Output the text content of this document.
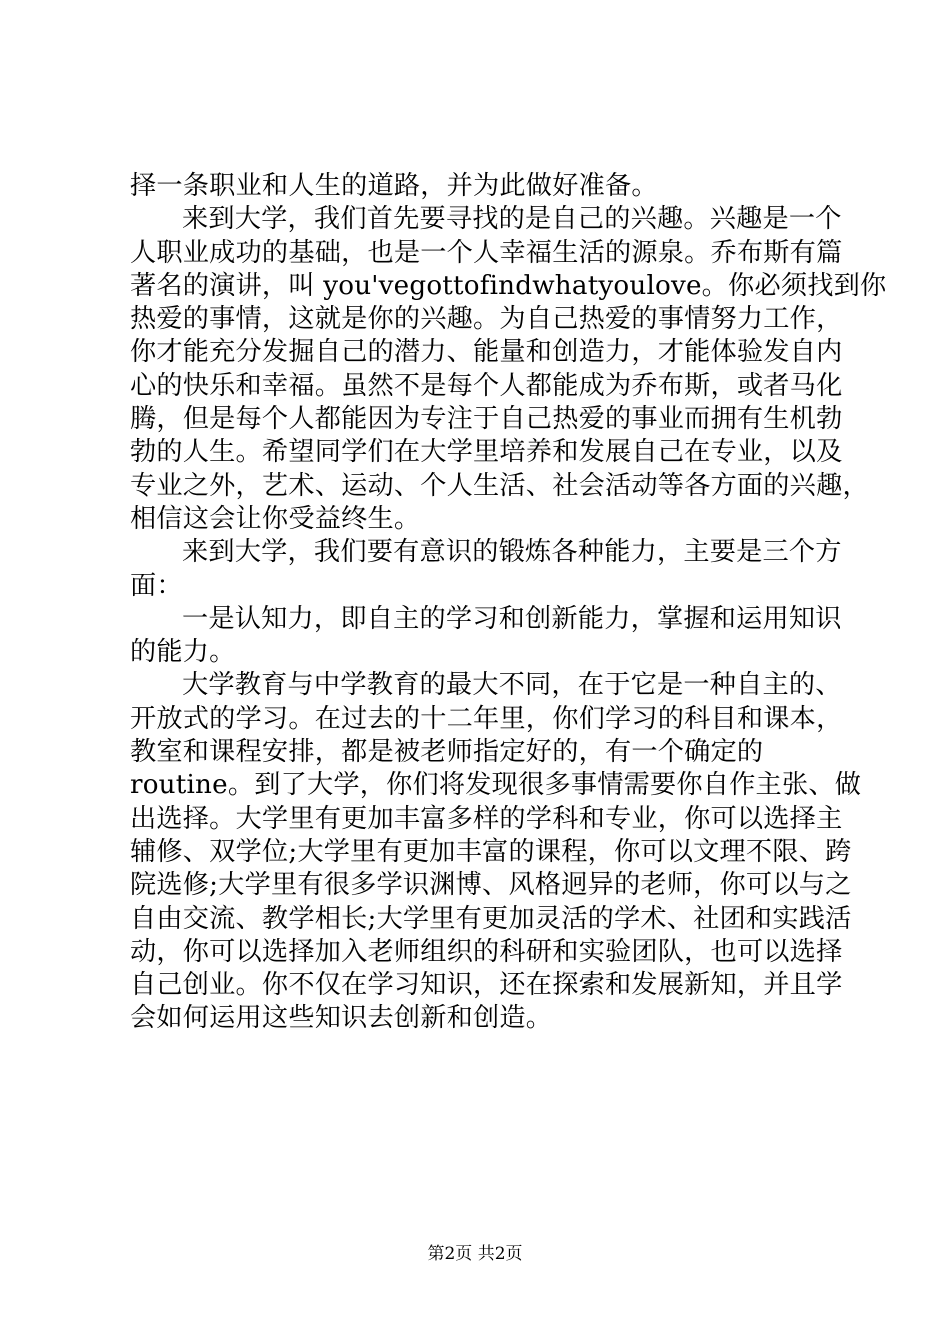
择一条职业和人生的道路，并为此做好准备。
来到大学，我们首先要寻找的是自己的兴趣。兴趣是一个
人职业成功的基础，也是一个人幸福生活的源泉。乔布斯有篇
著名的演讲，叫 you'vegottofindwhatyoulove。你必须找到你
热爱的事情，这就是你的兴趣。为自己热爱的事情努力工作，
你才能充分发掘自己的潜力、能量和创造力，才能体验发自内
心的快乐和幸福。虽然不是每个人都能成为乔布斯，或者马化
腾，但是每个人都能因为专注于自己热爱的事业而拥有生机勃
勃的人生。希望同学们在大学里培养和发展自己在专业，以及
专业之外，艺术、运动、个人生活、社会活动等各方面的兴趣，
相信这会让你受益终生。
来到大学，我们要有意识的锻炼各种能力，主要是三个方
面：
一是认知力，即自主的学习和创新能力，掌握和运用知识
的能力。
大学教育与中学教育的最大不同，在于它是一种自主的、
开放式的学习。在过去的十二年里，你们学习的科目和课本，
教室和课程安排，都是被老师指定好的，有一个确定的
routine。到了大学，你们将发现很多事情需要你自作主张、做
出选择。大学里有更加丰富多样的学科和专业，你可以选择主
辅修、双学位;大学里有更加丰富的课程，你可以文理不限、跨
院选修;大学里有很多学识渊博、风格迥异的老师，你可以与之
自由交流、教学相长;大学里有更加灵活的学术、社团和实践活
动，你可以选择加入老师组织的科研和实验团队，也可以选择
自己创业。你不仅在学习知识，还在探索和发展新知，并且学
会如何运用这些知识去创新和创造。
第2页 共2页
